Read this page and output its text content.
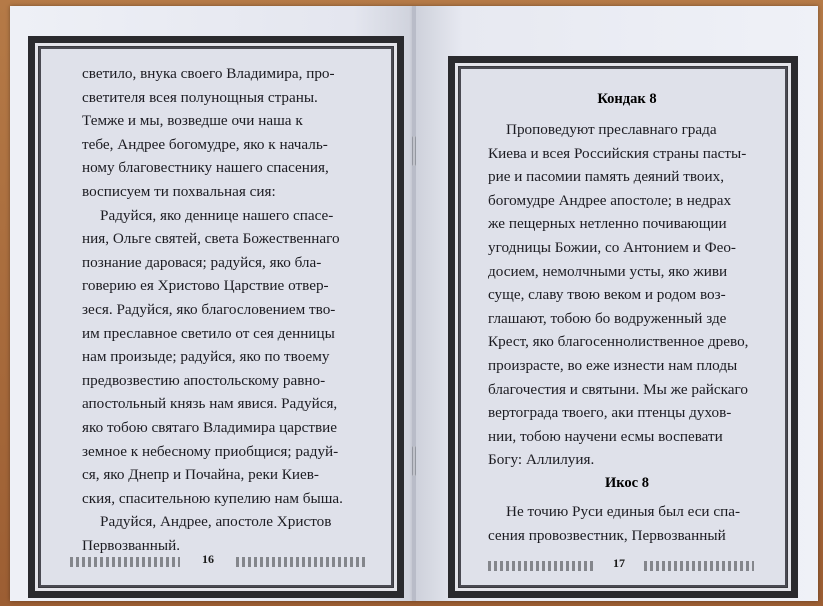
светило, внука своего Владимира, про-
светителя всея полунощныя страны.
Темже и мы, возведше очи наша к
тебе, Андрее богомудре, яко к началь-
ному благовестнику нашего спасения,
восписуем ти похвальная сия:
Радуйся, яко деннице нашего спасе-
ния, Ольге святей, света Божественнаго
познание даровася; радуйся, яко бла-
говерию ея Христово Царствие отвер-
зеся. Радуйся, яко благословением тво-
им преславное светило от сея денницы
нам произыде; радуйся, яко по твоему
предвозвестию апостольскому равно-
апостольный князь нам явися. Радуйся,
яко тобою святаго Владимира царствие
земное к небесному приобщися; радуй-
ся, яко Днепр и Почайна, реки Киев-
ския, спасительною купелию нам быша.
Радуйся, Андрее, апостоле Христов
Первозванный.
16
Кондак 8
Проповедуют преславнаго града
Киева и всея Российския страны пасты-
рие и пасомии память деяний твоих,
богомудре Андрее апостоле; в недрах
же пещерных нетленно почивающии
угодницы Божии, со Антонием и Фео-
досием, немолчными усты, яко живи
суще, славу твою веком и родом воз-
глашают, тобою бо водруженный зде
Крест, яко благосеннолиственное древо,
произрасте, во еже изнести нам плоды
благочестия и святыни. Мы же райскаго
вертограда твоего, аки птенцы духов-
нии, тобою научени есмы воспевати
Богу: Аллилуия.
Икос 8
Не точию Руси единыя был еси спа-
сения провозвестник, Первозванный
17
